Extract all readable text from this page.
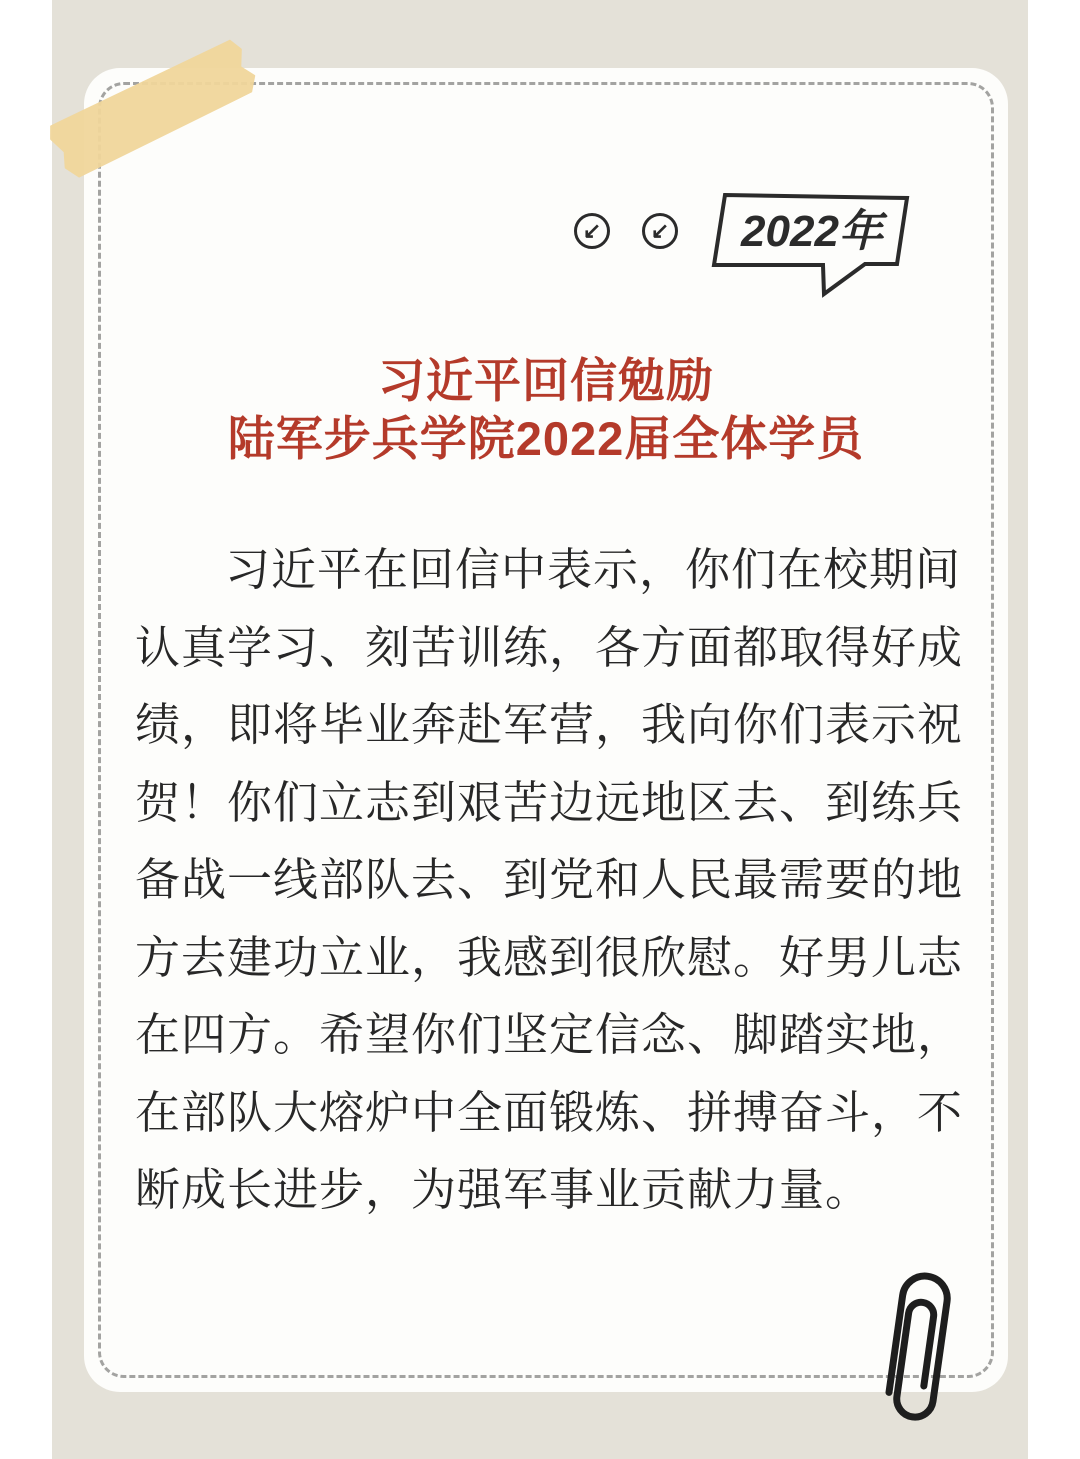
↙ ↙ 2022年
习近平回信勉励
陆军步兵学院2022届全体学员
习近平在回信中表示，你们在校期间
认真学习、刻苦训练，各方面都取得好成
绩，即将毕业奔赴军营，我向你们表示祝
贺！你们立志到艰苦边远地区去、到练兵
备战一线部队去、到党和人民最需要的地
方去建功立业，我感到很欣慰。好男儿志
在四方。希望你们坚定信念、脚踏实地，
在部队大熔炉中全面锻炼、拼搏奋斗，不
断成长进步，为强军事业贡献力量。
